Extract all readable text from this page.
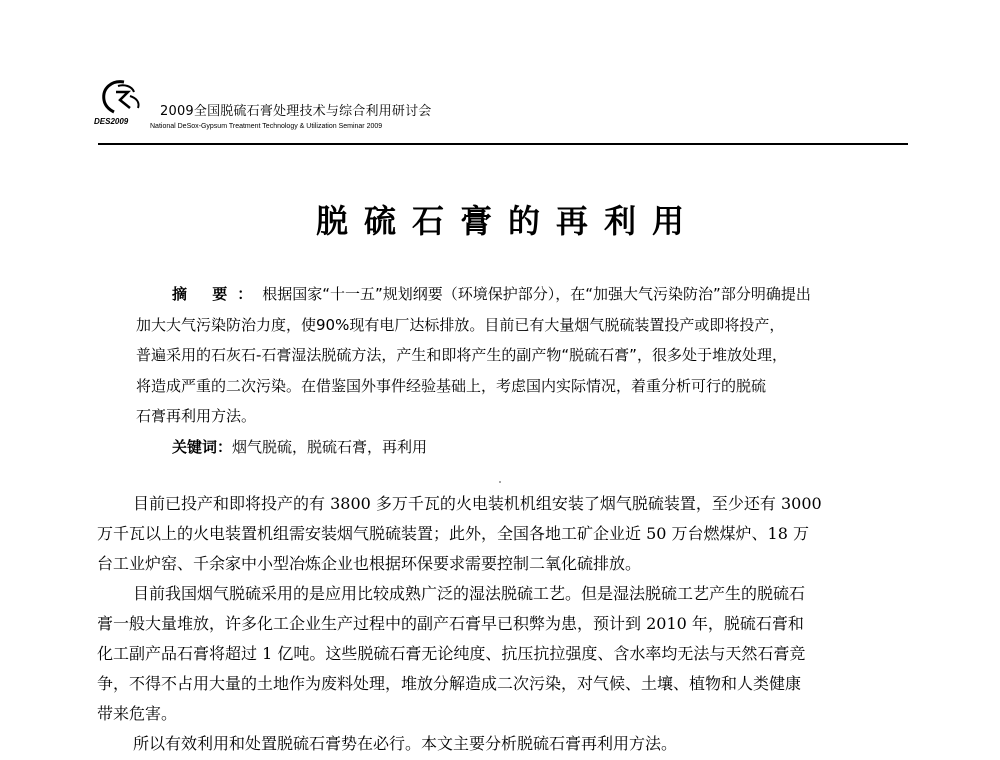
DES2009
2009全国脱硫石膏处理技术与综合利用研讨会
National DeSox-Gypsum Treatment Technology & Utilization Seminar 2009
脱硫石膏的再利用
摘 要：根据国家“十一五”规划纲要（环境保护部分），在“加强大气污染防治”部分明确提出
加大大气污染防治力度，使90%现有电厂达标排放。目前已有大量烟气脱硫装置投产或即将投产，
普遍采用的石灰石-石膏湿法脱硫方法，产生和即将产生的副产物“脱硫石膏”，很多处于堆放处理，
将造成严重的二次污染。在借鉴国外事件经验基础上，考虑国内实际情况，着重分析可行的脱硫
石膏再利用方法。
关键词：烟气脱硫，脱硫石膏，再利用
目前已投产和即将投产的有 3800 多万千瓦的火电装机机组安装了烟气脱硫装置，至少还有 3000
万千瓦以上的火电装置机组需安装烟气脱硫装置；此外，全国各地工矿企业近 50 万台燃煤炉、18 万
台工业炉窑、千余家中小型冶炼企业也根据环保要求需要控制二氧化硫排放。
目前我国烟气脱硫采用的是应用比较成熟广泛的湿法脱硫工艺。但是湿法脱硫工艺产生的脱硫石
膏一般大量堆放，许多化工企业生产过程中的副产石膏早已积弊为患，预计到 2010 年，脱硫石膏和
化工副产品石膏将超过 1 亿吨。这些脱硫石膏无论纯度、抗压抗拉强度、含水率均无法与天然石膏竞
争，不得不占用大量的土地作为废料处理，堆放分解造成二次污染，对气候、土壤、植物和人类健康
带来危害。
所以有效利用和处置脱硫石膏势在必行。本文主要分析脱硫石膏再利用方法。
